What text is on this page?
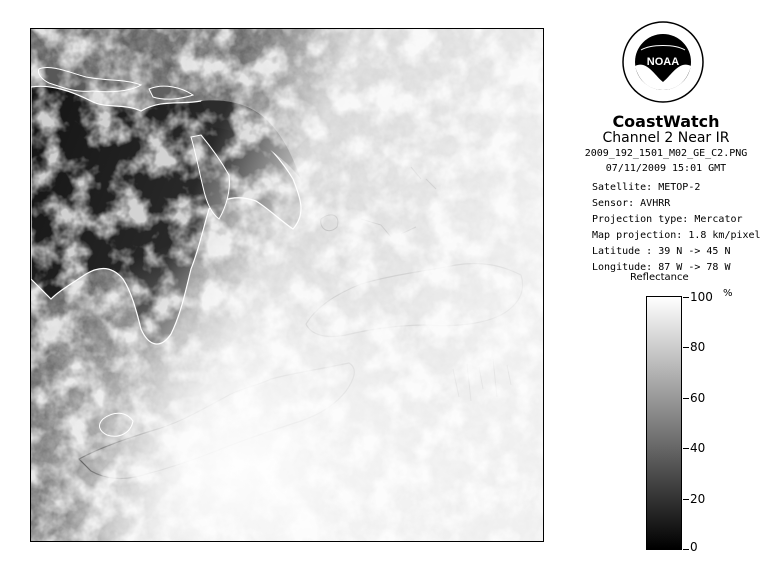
NOAA
CoastWatch
Channel 2 Near IR
2009_192_1501_M02_GE_C2.PNG
07/11/2009 15:01 GMT
Satellite: METOP-2
Sensor: AVHRR
Projection type: Mercator
Map projection: 1.8 km/pixel
Latitude : 39 N -> 45 N
Longitude: 87 W -> 78 W
Reflectance
%
100
80
60
40
20
0
